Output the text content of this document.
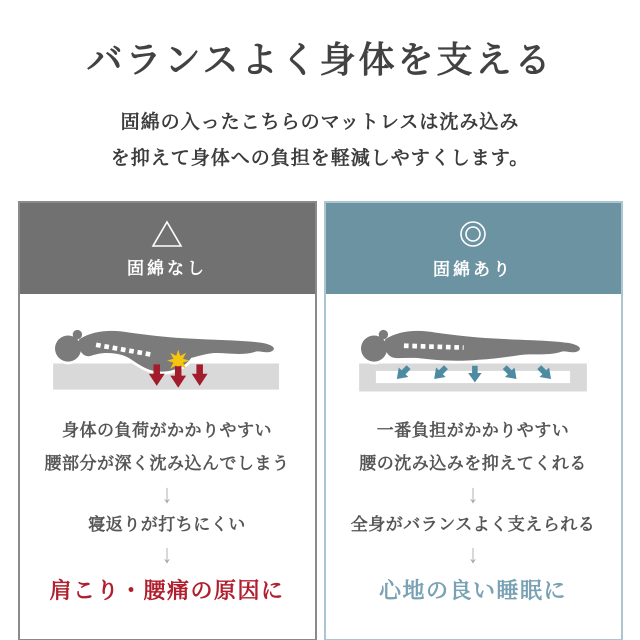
バランスよく身体を支える
固綿の入ったこちらのマットレスは沈み込み
を抑えて身体への負担を軽減しやすくします。
固綿なし
身体の負荷がかかりやすい
腰部分が深く沈み込んでしまう
↓
寝返りが打ちにくい
↓
肩こり・腰痛の原因に
固綿あり
一番負担がかかりやすい
腰の沈み込みを抑えてくれる
↓
全身がバランスよく支えられる
↓
心地の良い睡眠に
